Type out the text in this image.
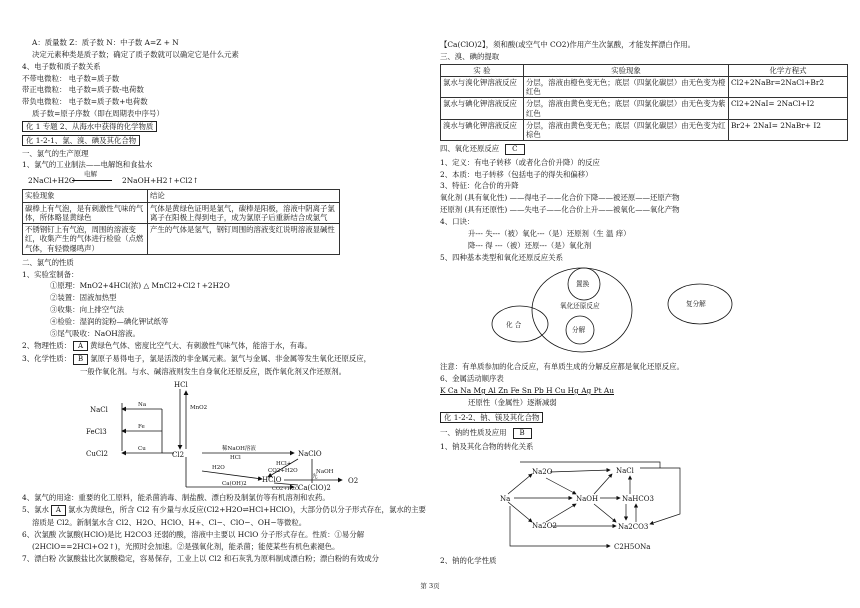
A：质量数 Z：质子数 N：中子数 A=Z + N
决定元素种类是质子数；确定了质子数就可以确定它是什么元素
4、电子数和质子数关系
不带电微粒： 电子数=质子数
带正电微粒： 电子数=质子数-电荷数
带负电微粒： 电子数=质子数+电荷数
质子数=原子序数（即在周期表中序号）
化 1 专题 2、从海水中获得的化学物质
化 1-2-1、氯、溴、碘及其化合物
一、氯气的生产原理
1、氯气的工业制法——电解饱和食盐水
2NaCl+H2O
电解
2NaOH+H2↑+Cl2↑
实验现象	结论
碳棒上有气泡，是有刺激性气味的气体，所体略显黄绿色	气体是黄绿色证明是氯气，碳棒是阳极，溶液中阴离子氯离子在阳极上得到电子，成为氯原子后重新结合成氯气
不锈钢钉上有气泡，周围的溶液变红，收集产生的气体进行检验（点燃气体，有轻微爆鸣声）	产生的气体是氢气，钢钉周围的溶液变红说明溶液显碱性
二、氯气的性质
1、实验室制备：
①原理：MnO2+4HCl(浓) △ MnCl2+Cl2↑+2H2O
②装置：固液加热型
③收集：向上排空气法
④检验：湿润的淀粉—碘化钾试纸等
⑤尾气吸收：NaOH溶液。
2、物理性质： A 黄绿色气体、密度比空气大、有刺激性气味气体，能溶于水，有毒。
3、化学性质： B 氯原子易得电子，氯是活泼的非金属元素。氯气与金属、非金属等发生氧化还原反应，
一般作氧化剂。与水、碱溶液则发生自身氧化还原反应，既作氧化剂又作还原剂。
HCl
MnO2
Cl2
NaCl
FeCl3
CuCl2
Na
Fe
Cu	稀NaOH溶液
HCl	NaClO
NaOH
HCl+
CO2+H2O
H2O
HClO	光	O2
Ca(OH)2	Ca(ClO)2
CO2+H2O
4、氯气的用途：重要的化工原料，能杀菌消毒、制盐酸、漂白粉及制氯仿等有机溶剂和农药。
5、氯水 A 氯水为黄绿色，所含 Cl2 有少量与水反应(Cl2+H2O⇌HCl+HClO)，大部分仍以分子形式存在，氯水的主要
溶质是 Cl2。新制氯水含 Cl2、H2O、HClO、H+、Cl−、ClO−、OH−等微粒。
6、次氯酸 次氯酸(HClO)是比 H2CO3 还弱的酸，溶液中主要以 HClO 分子形式存在。性质：①易分解
(2HClO==2HCl+O2↑)，光照时会加速。②是强氧化剂，能杀菌；能使某些有机色素褪色。
7、漂白粉 次氯酸盐比次氯酸稳定，容易保存，工业上以 Cl2 和石灰乳为原料制成漂白粉；漂白粉的有效成分
【Ca(ClO)2】，须和酸(或空气中 CO2)作用产生次氯酸，才能发挥漂白作用。
三、溴、碘的提取
实 验	实验现象	化学方程式
氯水与溴化钾溶液反应	分层，溶液由橙色变无色；底层（四氯化碳层）由无色变为橙红色	Cl2+2NaBr=2NaCl+Br2
氯水与碘化钾溶液反应	分层，溶液由黄色变无色；底层（四氯化碳层）由无色变为紫红色	Cl2+2NaI= 2NaCl+I2
溴水与碘化钾溶液反应	分层，溶液由黄色变无色；底层（四氯化碳层）由无色变为红棕色	Br2+ 2NaI= 2NaBr+ I2
四、氧化还原反应 C
1、定义：有电子转移（或者化合价升降）的反应
2、本质：电子转移（包括电子的得失和偏移）
3、特征：化合价的升降
氧化剂 (具有氧化性) ——得电子——化合价下降——被还原——还原产物
还原剂 (具有还原性) ——失电子——化合价上升——被氧化——氧化产物
4、口诀：
升--- 失---（被）氧化---（是）还原剂（生 温 痒）
降--- 得 ---（被）还原---（是）氧化剂
5、四种基本类型和氧化还原反应关系
置换
氧化还原反应
化 合
分解
复分解
注意：有单质参加的化合反应，有单质生成的分解反应都是氧化还原反应。
6、金属活动顺序表
K Ca Na Mg Al Zn Fe Sn Pb H Cu Hg Ag Pt Au
还原性（金属性）逐渐减弱
化 1-2-2、钠、镁及其化合物
一、钠的性质及应用 B
1、钠及其化合物的转化关系
Na
Na2O	NaCl
NaOH	NaHCO3
Na2O2	Na2CO3
C2H5ONa
2、钠的化学性质
第 3页
